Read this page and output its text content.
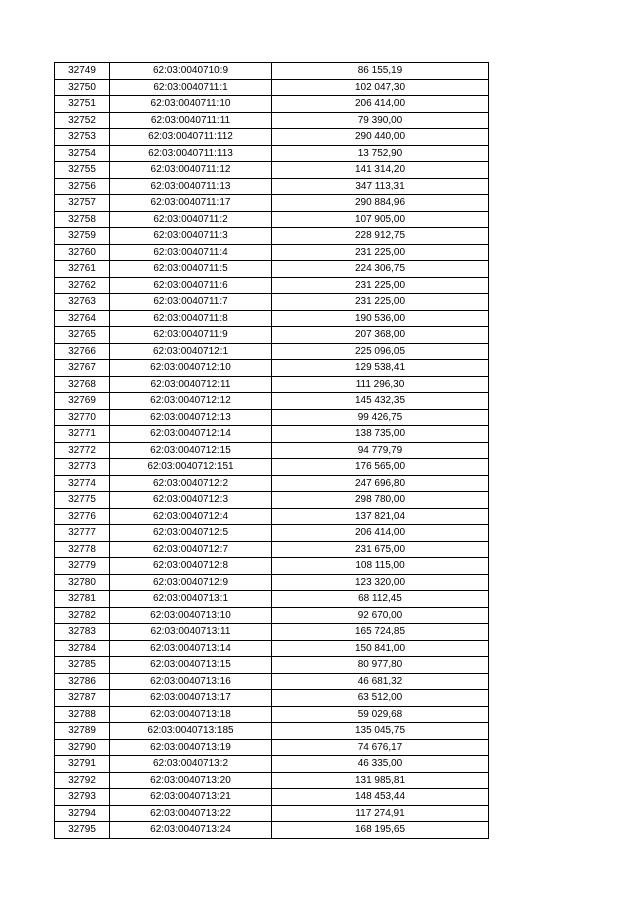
32749	62:03:0040710:9	86 155,19
32750	62:03:0040711:1	102 047,30
32751	62:03:0040711:10	206 414,00
32752	62:03:0040711:11	79 390,00
32753	62:03:0040711:112	290 440,00
32754	62:03:0040711:113	13 752,90
32755	62:03:0040711:12	141 314,20
32756	62:03:0040711:13	347 113,31
32757	62:03:0040711:17	290 884,96
32758	62:03:0040711:2	107 905,00
32759	62:03:0040711:3	228 912,75
32760	62:03:0040711:4	231 225,00
32761	62:03:0040711:5	224 306,75
32762	62:03:0040711:6	231 225,00
32763	62:03:0040711:7	231 225,00
32764	62:03:0040711:8	190 536,00
32765	62:03:0040711:9	207 368,00
32766	62:03:0040712:1	225 096,05
32767	62:03:0040712:10	129 538,41
32768	62:03:0040712:11	111 296,30
32769	62:03:0040712:12	145 432,35
32770	62:03:0040712:13	99 426,75
32771	62:03:0040712:14	138 735,00
32772	62:03:0040712:15	94 779,79
32773	62:03:0040712:151	176 565,00
32774	62:03:0040712:2	247 696,80
32775	62:03:0040712:3	298 780,00
32776	62:03:0040712:4	137 821,04
32777	62:03:0040712:5	206 414,00
32778	62:03:0040712:7	231 675,00
32779	62:03:0040712:8	108 115,00
32780	62:03:0040712:9	123 320,00
32781	62:03:0040713:1	68 112,45
32782	62:03:0040713:10	92 670,00
32783	62:03:0040713:11	165 724,85
32784	62:03:0040713:14	150 841,00
32785	62:03:0040713:15	80 977,80
32786	62:03:0040713:16	46 681,32
32787	62:03:0040713:17	63 512,00
32788	62:03:0040713:18	59 029,68
32789	62:03:0040713:185	135 045,75
32790	62:03:0040713:19	74 676,17
32791	62:03:0040713:2	46 335,00
32792	62:03:0040713:20	131 985,81
32793	62:03:0040713:21	148 453,44
32794	62:03:0040713:22	117 274,91
32795	62:03:0040713:24	168 195,65
